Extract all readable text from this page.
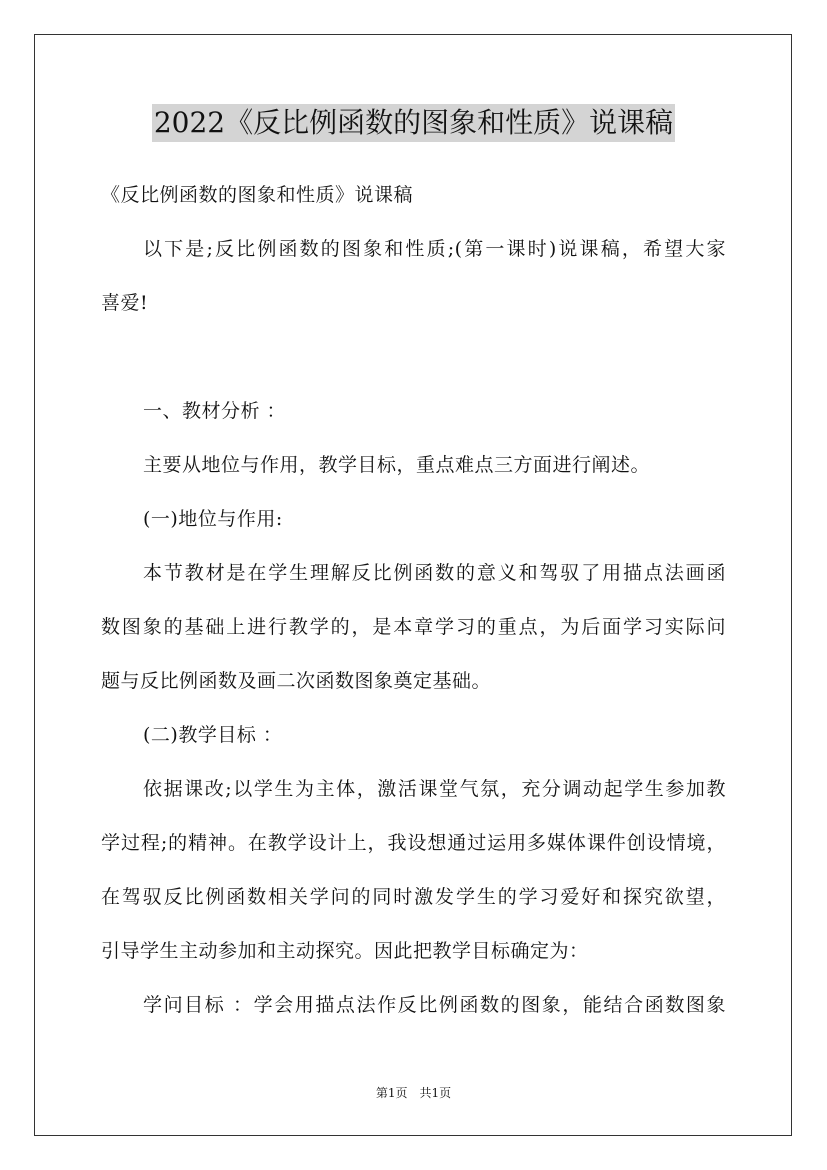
2022《反比例函数的图象和性质》说课稿
《反比例函数的图象和性质》说课稿
以下是;反比例函数的图象和性质;(第一课时)说课稿，希望大家
喜爱!
一、教材分析 ：
主要从地位与作用，教学目标，重点难点三方面进行阐述。
(一)地位与作用:
本节教材是在学生理解反比例函数的意义和驾驭了用描点法画函
数图象的基础上进行教学的，是本章学习的重点，为后面学习实际问
题与反比例函数及画二次函数图象奠定基础。
(二)教学目标 ：
依据课改;以学生为主体，激活课堂气氛，充分调动起学生参加教
学过程;的精神。在教学设计上，我设想通过运用多媒体课件创设情境，
在驾驭反比例函数相关学问的同时激发学生的学习爱好和探究欲望，
引导学生主动参加和主动探究。因此把教学目标确定为：
学问目标 ：学会用描点法作反比例函数的图象，能结合函数图象
第1页 共1页
